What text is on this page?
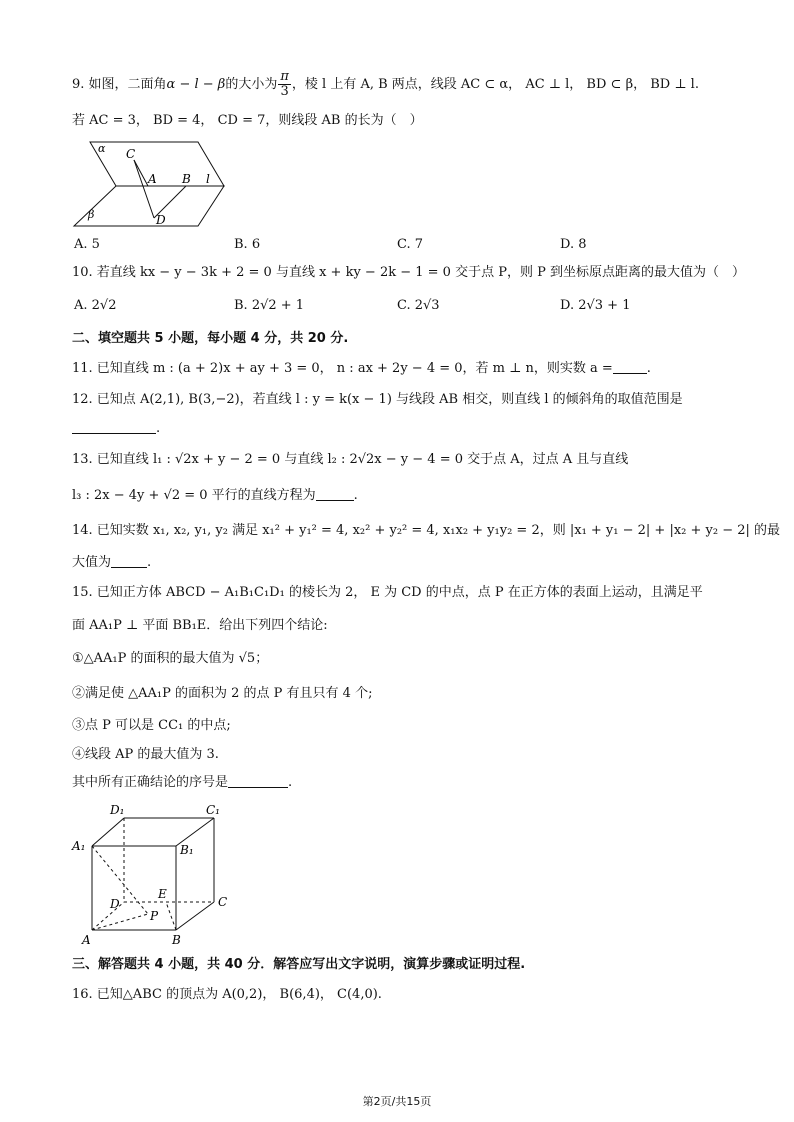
9. 如图，二面角α − l − β的大小为 $\frac{\pi}{3}$ ，棱 l 上有 A, B 两点，线段 AC ⊂ α， AC ⊥ l， BD ⊂ β， BD ⊥ l.
若 AC = 3， BD = 4， CD = 7，则线段 AB 的长为（　）
α C
A B l
β	D
A. 5	B. 6	C. 7	D. 8
10. 若直线 kx − y − 3k + 2 = 0 与直线 x + ky − 2k − 1 = 0 交于点 P，则 P 到坐标原点距离的最大值为（　）
A. 2√2	B. 2√2 + 1	C. 2√3	D. 2√3 + 1
二、填空题共 5 小题，每小题 4 分，共 20 分.
11. 已知直线 m : (a + 2)x + ay + 3 = 0， n : ax + 2y − 4 = 0，若 m ⊥ n，则实数 a =	.
12. 已知点 A(2,1), B(3,−2)，若直线 l : y = k(x − 1) 与线段 AB 相交，则直线 l 的倾斜角的取值范围是
.
13. 已知直线 l₁ : √2x + y − 2 = 0 与直线 l₂ : 2√2x − y − 4 = 0 交于点 A，过点 A 且与直线
l₃ : 2x − 4y + √2 = 0 平行的直线方程为	.
14. 已知实数 x₁, x₂, y₁, y₂ 满足 x₁² + y₁² = 4, x₂² + y₂² = 4, x₁x₂ + y₁y₂ = 2，则 |x₁ + y₁ − 2| + |x₂ + y₂ − 2| 的最
大值为	.
15. 已知正方体 ABCD − A₁B₁C₁D₁ 的棱长为 2， E 为 CD 的中点，点 P 在正方体的表面上运动，且满足平
面 AA₁P ⊥ 平面 BB₁E．给出下列四个结论:
①△AA₁P 的面积的最大值为 √5；
②满足使 △AA₁P 的面积为 2 的点 P 有且只有 4 个;
③点 P 可以是 CC₁ 的中点;
④线段 AP 的最大值为 3.
其中所有正确结论的序号是	.
D₁	C₁
A₁	B₁
E
D	C
P
A	B
三、解答题共 4 小题，共 40 分．解答应写出文字说明，演算步骤或证明过程.
16. 已知△ABC 的顶点为 A(0,2)， B(6,4)， C(4,0).
第2页/共15页
